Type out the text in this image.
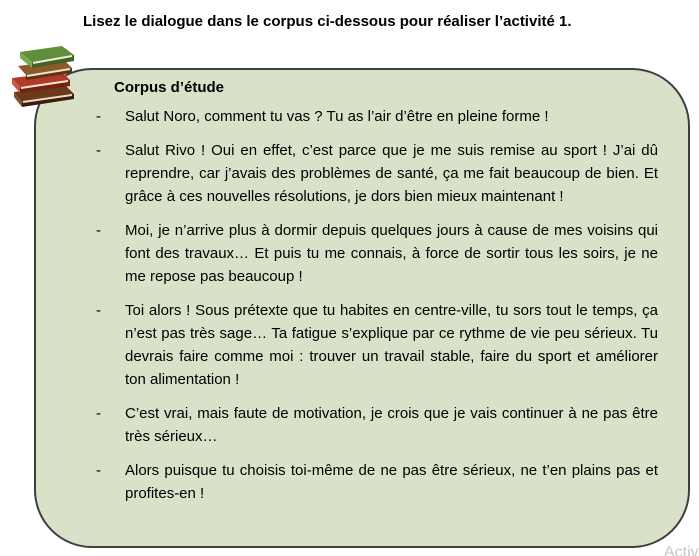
Lisez le dialogue dans le corpus ci-dessous pour réaliser l’activité 1.
Corpus d’étude
- Salut Noro, comment tu vas ? Tu as l’air d’être en pleine forme !
- Salut Rivo ! Oui en effet, c’est parce que je me suis remise au sport ! J’ai dû reprendre, car j’avais des problèmes de santé, ça me fait beaucoup de bien. Et grâce à ces nouvelles résolutions, je dors bien mieux maintenant !
- Moi, je n’arrive plus à dormir depuis quelques jours à cause de mes voisins qui font des travaux… Et puis tu me connais, à force de sortir tous les soirs, je ne me repose pas beaucoup !
- Toi alors ! Sous prétexte que tu habites en centre-ville, tu sors tout le temps, ça n’est pas très sage… Ta fatigue s’explique par ce rythme de vie peu sérieux. Tu devrais faire comme moi : trouver un travail stable, faire du sport et améliorer ton alimentation !
- C’est vrai, mais faute de motivation, je crois que je vais continuer à ne pas être très sérieux…
- Alors puisque tu choisis toi-même de ne pas être sérieux, ne t’en plains pas et profites-en !
Activ
